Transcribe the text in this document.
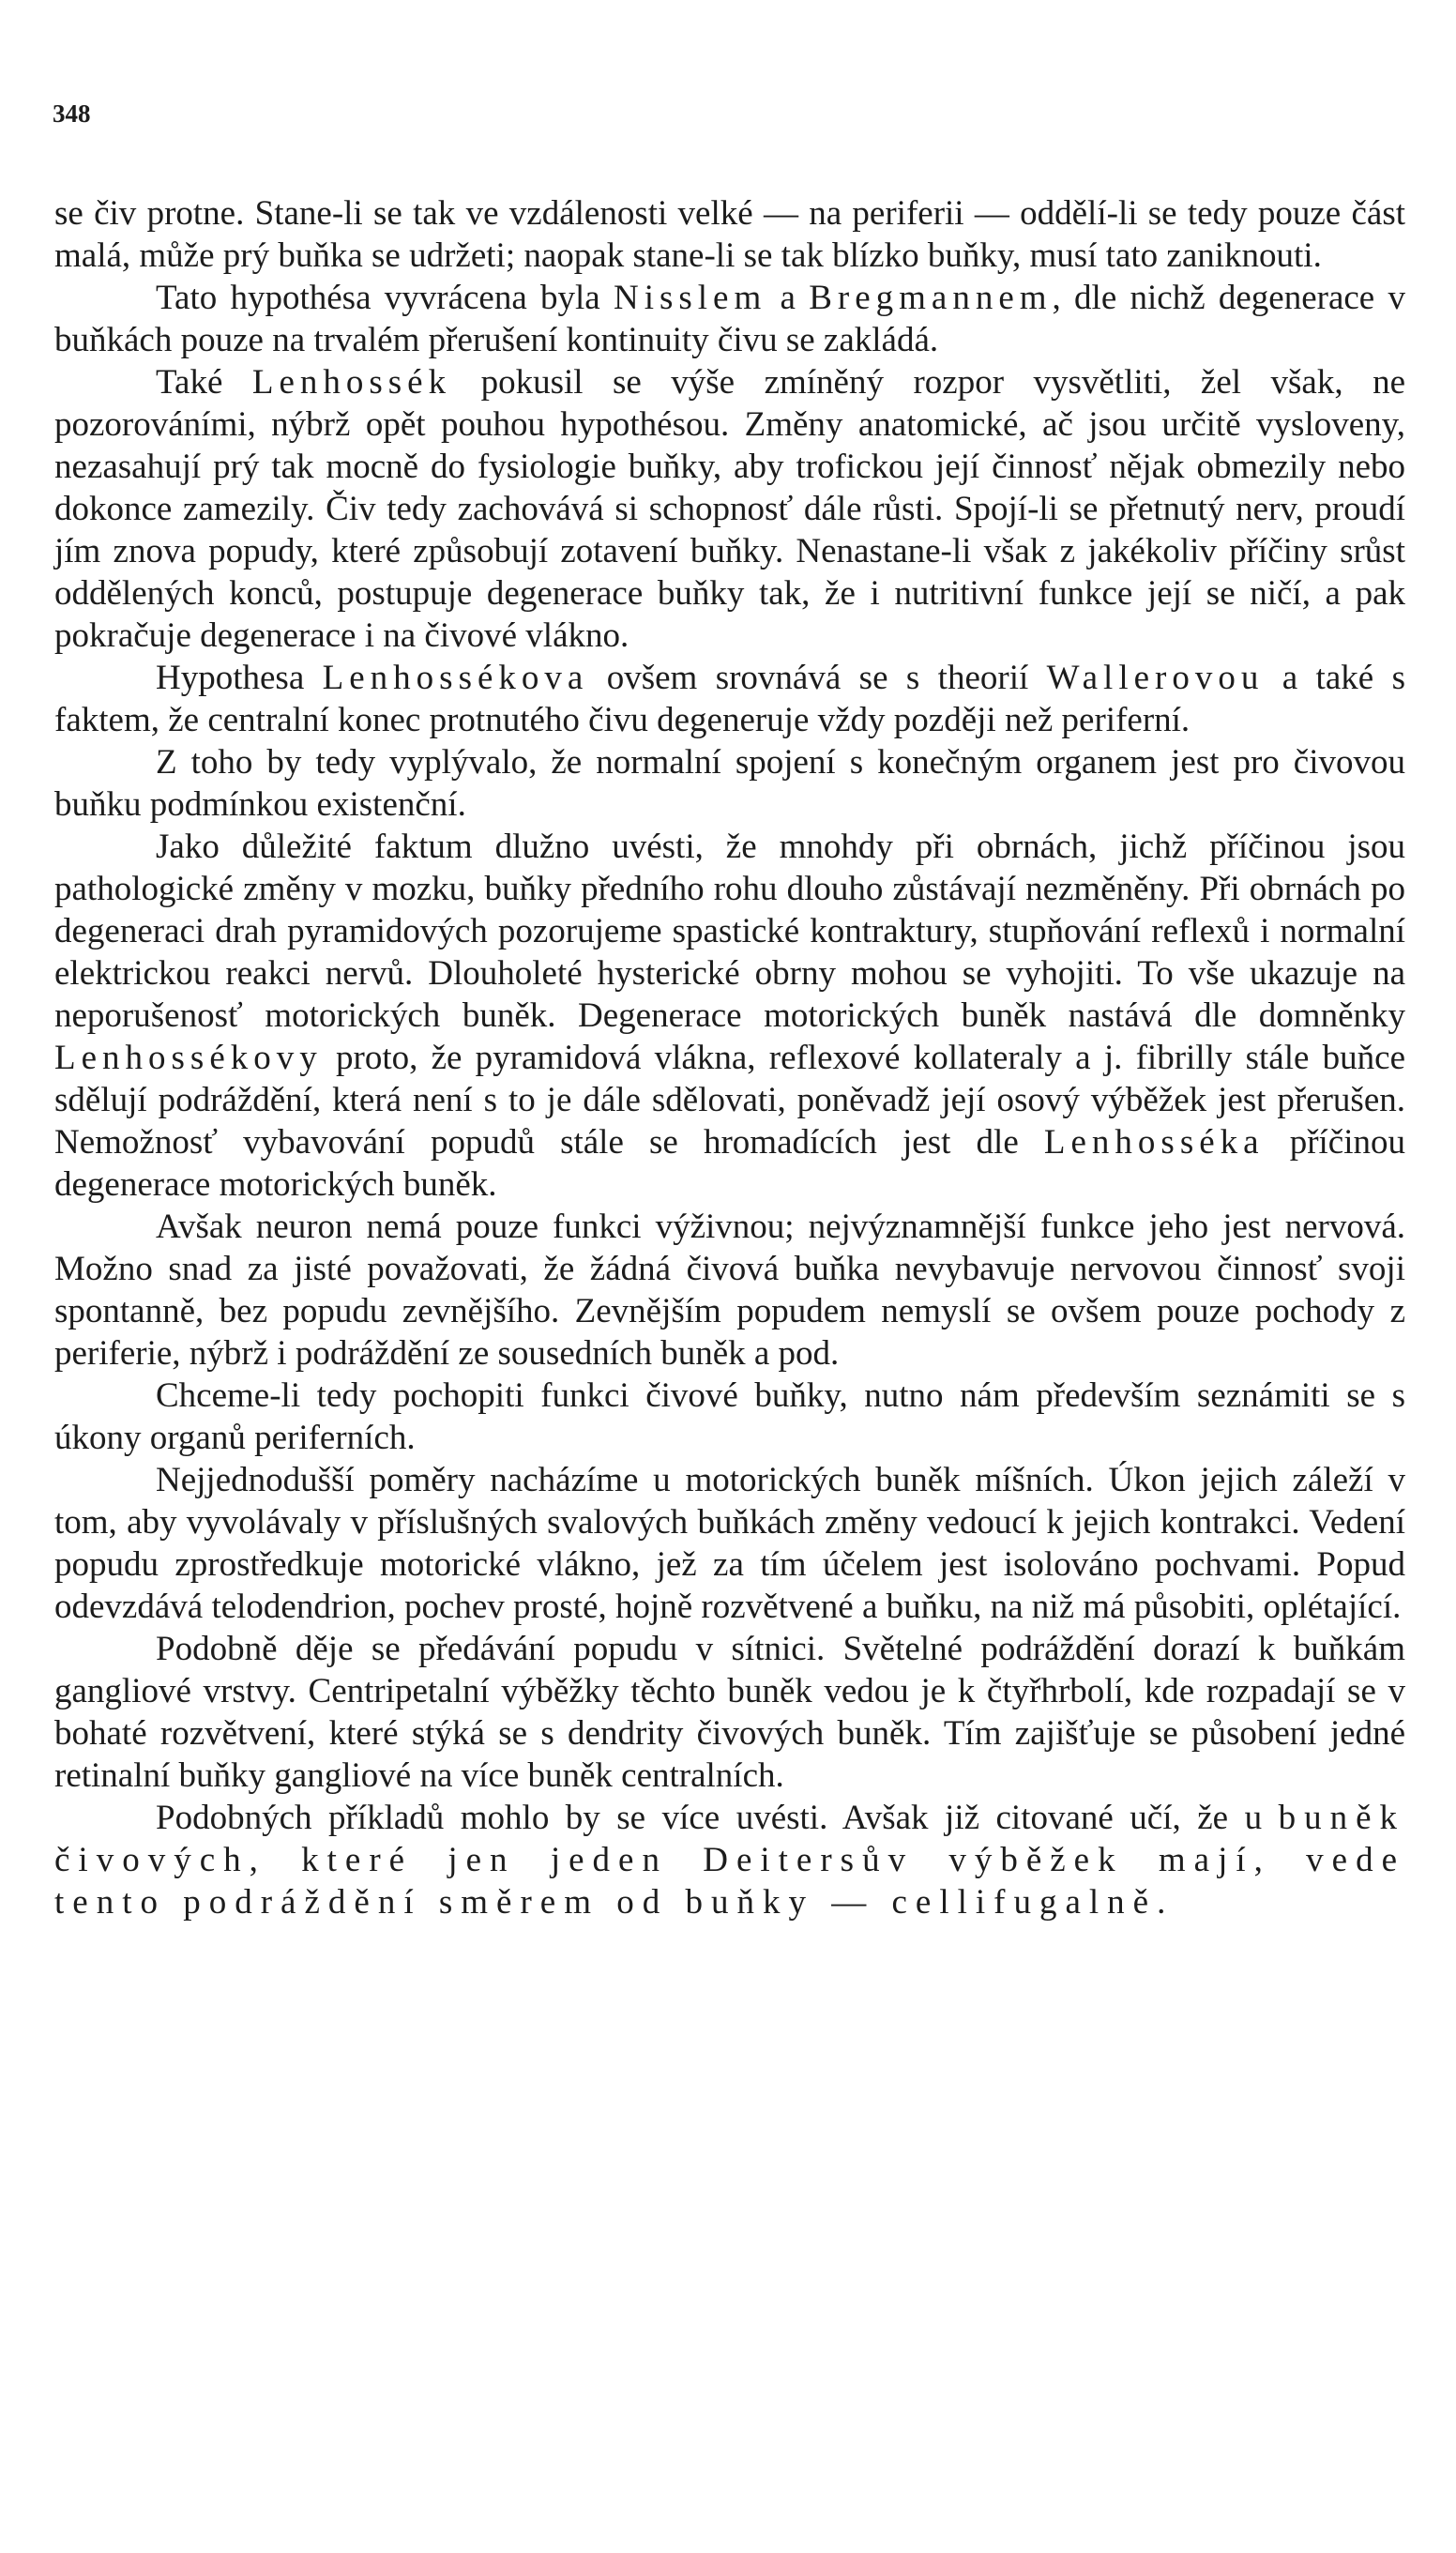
348

se čiv protne. Stane-li se tak ve vzdálenosti velké — na periferii — oddělí-li se tedy pouze část malá, může prý buňka se udržeti; naopak stane-li se tak blízko buňky, musí tato zaniknouti.

Tato hypothésa vyvrácena byla Nisslem a Bregmannem, dle nichž degenerace v buňkách pouze na trvalém přerušení kontinuity čivu se zakládá.

Také Lenhossék pokusil se výše zmíněný rozpor vysvětliti, žel však, ne pozorováními, nýbrž opět pouhou hypothésou. Změny anatomické, ač jsou určitě vysloveny, nezasahují prý tak mocně do fysiologie buňky, aby trofickou její činnosť nějak obmezily nebo dokonce zamezily. Čiv tedy zachovává si schopnosť dále růsti. Spojí-li se přetnutý nerv, proudí jím znova popudy, které způsobují zotavení buňky. Nenastane-li však z jakékoliv příčiny srůst oddělených konců, postupuje degenerace buňky tak, že i nutritivní funkce její se ničí, a pak pokračuje degenerace i na čivové vlákno.

Hypothesa Lenhossékova ovšem srovnává se s theorií Wallerovou a také s faktem, že centralní konec protnutého čivu degeneruje vždy později než periferní.

Z toho by tedy vyplývalo, že normalní spojení s konečným organem jest pro čivovou buňku podmínkou existenční.

Jako důležité faktum dlužno uvésti, že mnohdy při obrnách, jichž příčinou jsou pathologické změny v mozku, buňky předního rohu dlouho zůstávají nezměněny. Při obrnách po degeneraci drah pyramidových pozorujeme spastické kontraktury, stupňování reflexů i normalní elektrickou reakci nervů. Dlouholeté hysterické obrny mohou se vyhojiti. To vše ukazuje na neporušenosť motorických buněk. Degenerace motorických buněk nastává dle domněnky Lenhossékovy proto, že pyramidová vlákna, reflexové kollateraly a j. fibrilly stále buňce sdělují podráždění, která není s to je dále sdělovati, poněvadž její osový výběžek jest přerušen. Nemožnosť vybavování popudů stále se hromadících jest dle Lenhosséka příčinou degenerace motorických buněk.

Avšak neuron nemá pouze funkci výživnou; nejvýznamnější funkce jeho jest nervová. Možno snad za jisté považovati, že žádná čivová buňka nevybavuje nervovou činnosť svoji spontanně, bez popudu zevnějšího. Zevnějším popudem nemyslí se ovšem pouze pochody z periferie, nýbrž i podráždění ze sousedních buněk a pod.

Chceme-li tedy pochopiti funkci čivové buňky, nutno nám především seznámiti se s úkony organů periferních.

Nejjednodušší poměry nacházíme u motorických buněk míšních. Úkon jejich záleží v tom, aby vyvolávaly v příslušných svalových buňkách změny vedoucí k jejich kontrakci. Vedení popudu zprostředkuje motorické vlákno, jež za tím účelem jest isolováno pochvami. Popud odevzdává telodendrion, pochev prosté, hojně rozvětvené a buňku, na niž má působiti, oplétající.

Podobně děje se předávání popudu v sítnici. Světelné podráždění dorazí k buňkám gangliové vrstvy. Centripetalní výběžky těchto buněk vedou je k čtyřhrbolí, kde rozpadají se v bohaté rozvětvení, které stýká se s dendrity čivových buněk. Tím zajišťuje se působení jedné retinalní buňky gangliové na více buněk centralních.

Podobných příkladů mohlo by se více uvésti. Avšak již citované učí, že u buněk čivových, které jen jeden Deitersův výběžek mají, vede tento podráždění směrem od buňky — cellifugalně.
